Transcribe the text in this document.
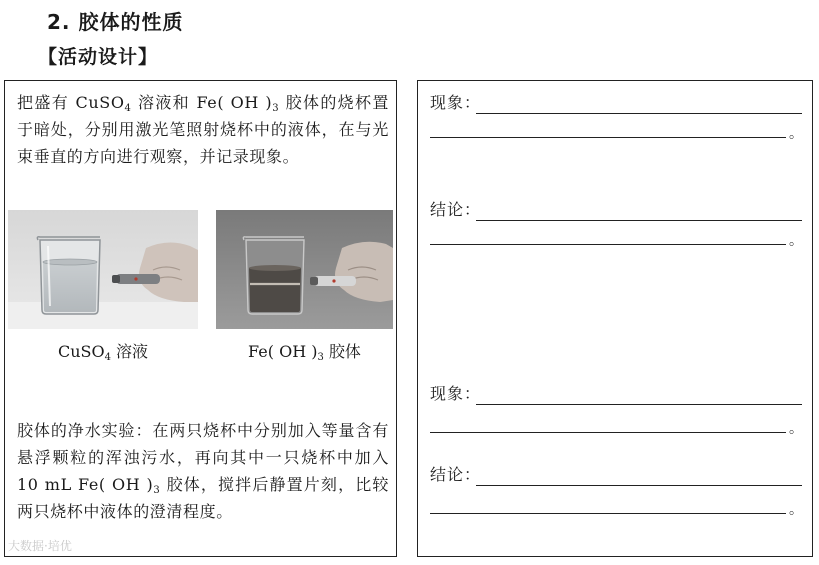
2. 胶体的性质
【活动设计】
把盛有 CuSO$_4$ 溶液和 Fe( OH )$_3$ 胶体的烧杯置于暗处，分别用激光笔照射烧杯中的液体，在与光束垂直的方向进行观察，并记录现象。
CuSO$_4$ 溶液	Fe( OH )$_3$ 胶体
胶体的净水实验：在两只烧杯中分别加入等量含有悬浮颗粒的浑浊污水，再向其中一只烧杯中加入 10 mL Fe( OH )$_3$ 胶体，搅拌后静置片刻，比较两只烧杯中液体的澄清程度。
现象：
。
结论：
。
现象：
。
结论：
。
大数据·培优
